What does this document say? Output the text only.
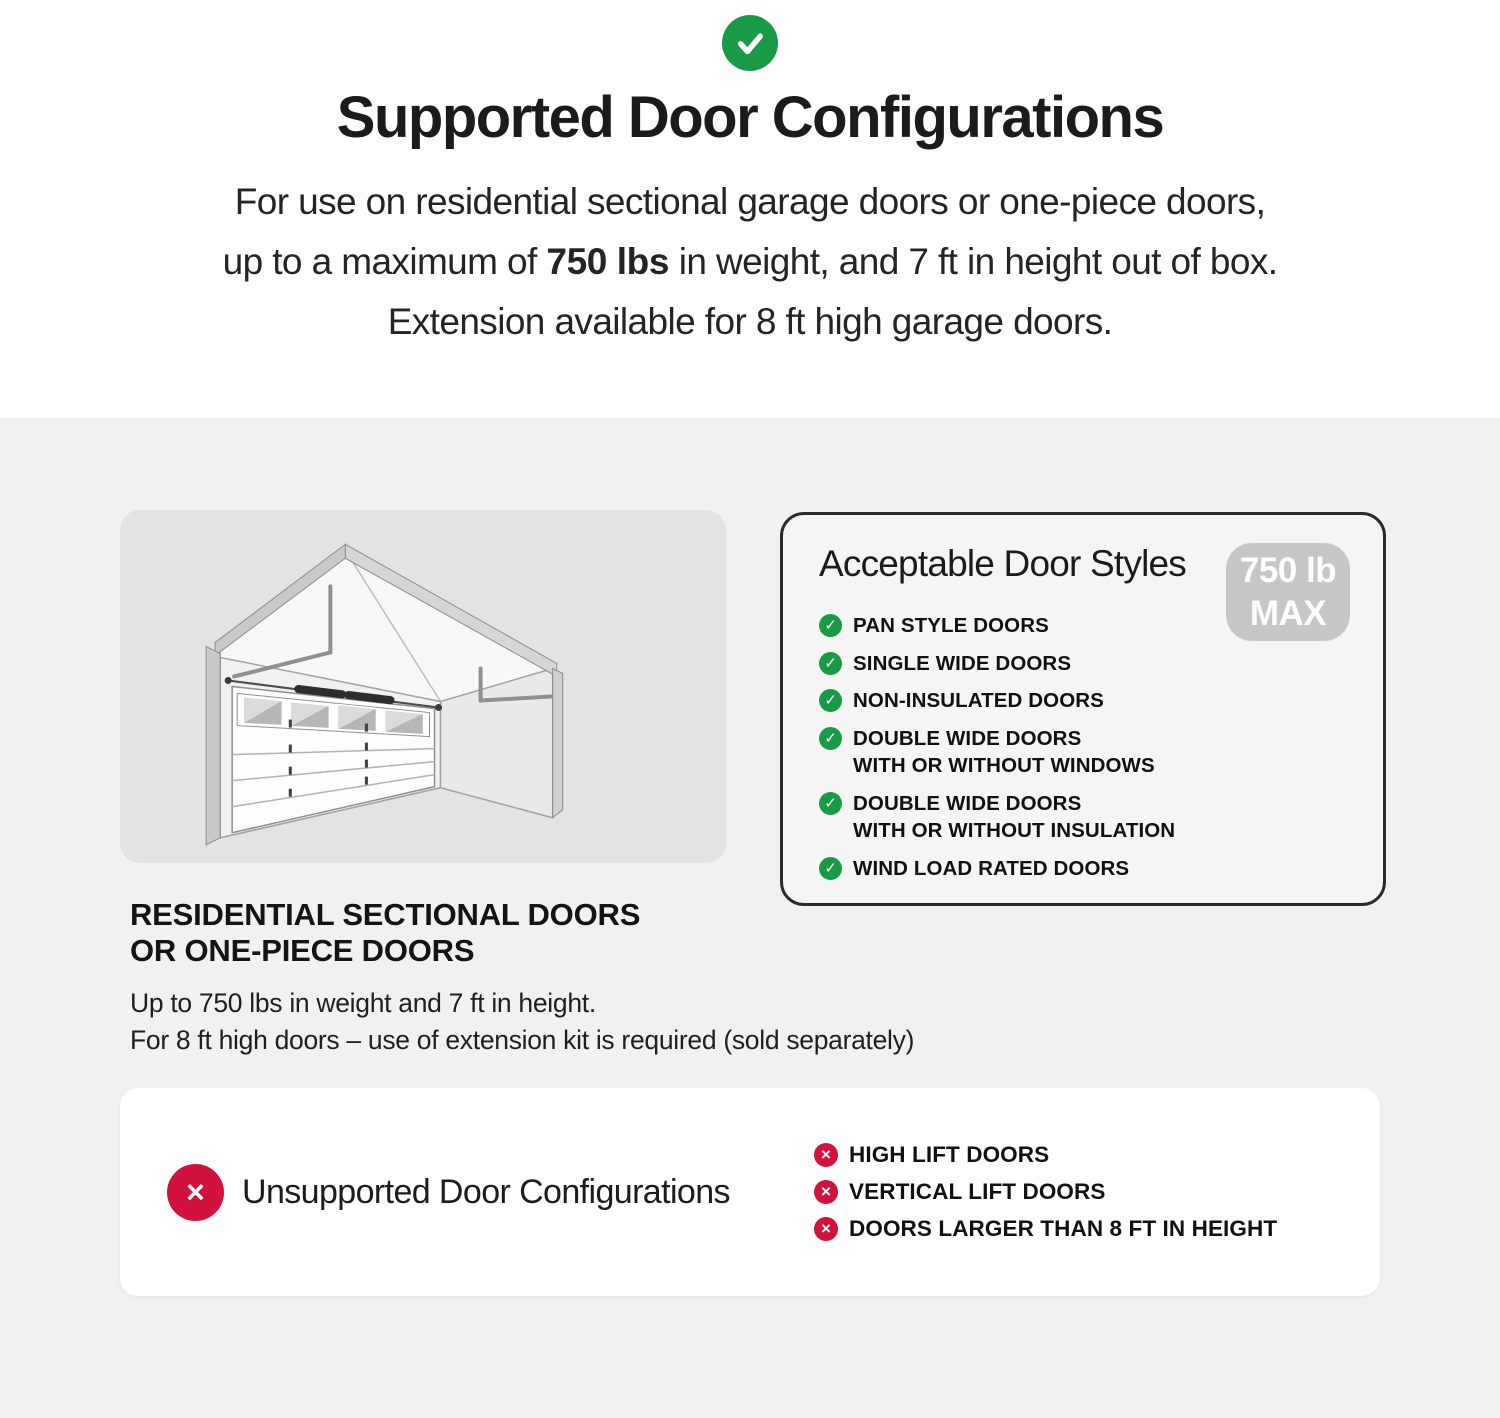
Supported Door Configurations
For use on residential sectional garage doors or one-piece doors,
up to a maximum of 750 lbs in weight, and 7 ft in height out of box.
Extension available for 8 ft high garage doors.
Acceptable Door Styles	750 lb
MAX
✓ PAN STYLE DOORS
✓ SINGLE WIDE DOORS
✓ NON-INSULATED DOORS
✓ DOUBLE WIDE DOORS
WITH OR WITHOUT WINDOWS
✓ DOUBLE WIDE DOORS
WITH OR WITHOUT INSULATION
✓ WIND LOAD RATED DOORS
RESIDENTIAL SECTIONAL DOORS
OR ONE-PIECE DOORS
Up to 750 lbs in weight and 7 ft in height.
For 8 ft high doors – use of extension kit is required (sold separately)
×	Unsupported Door Configurations
× HIGH LIFT DOORS
× VERTICAL LIFT DOORS
× DOORS LARGER THAN 8 FT IN HEIGHT
